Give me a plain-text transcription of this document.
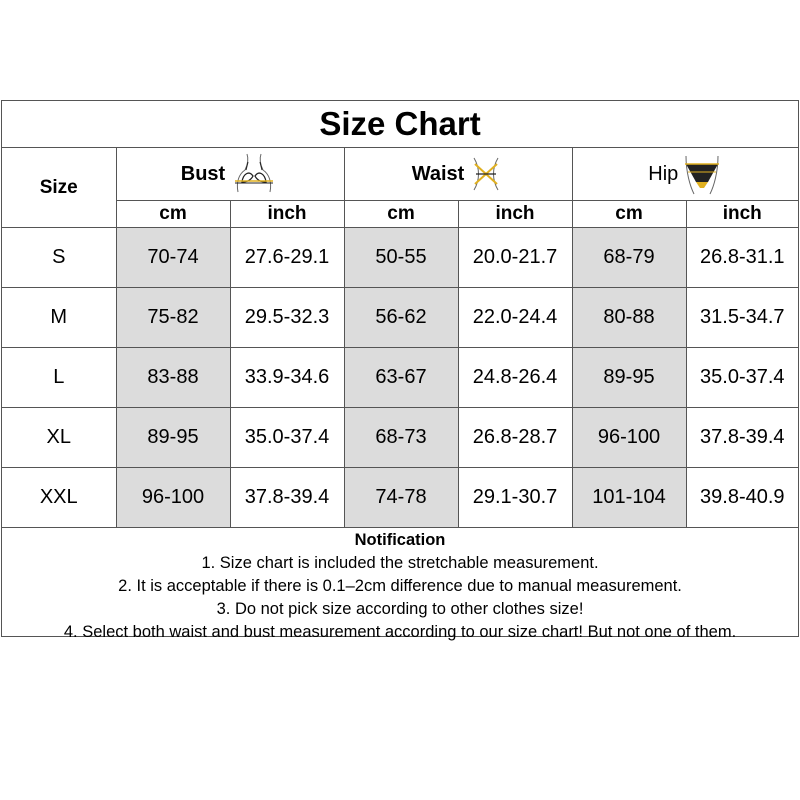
Size Chart						
Size	Bust		Waist		Hip	

	cm	inch	cm	inch	cm	inch
S	70-74	27.6-29.1	50-55	20.0-21.7	68-79	26.8-31.1
M	75-82	29.5-32.3	56-62	22.0-24.4	80-88	31.5-34.7
L	83-88	33.9-34.6	63-67	24.8-26.4	89-95	35.0-37.4
XL	89-95	35.0-37.4	68-73	26.8-28.7	96-100	37.8-39.4
XXL	96-100	37.8-39.4	74-78	29.1-30.7	101-104	39.8-40.9

Notification
1. Size chart is included the stretchable measurement.
2. It is acceptable if there is 0.1–2cm difference due to manual measurement.
3. Do not pick size according to other clothes size!
4. Select both waist and bust measurement according to our size chart! But not one of them.						
